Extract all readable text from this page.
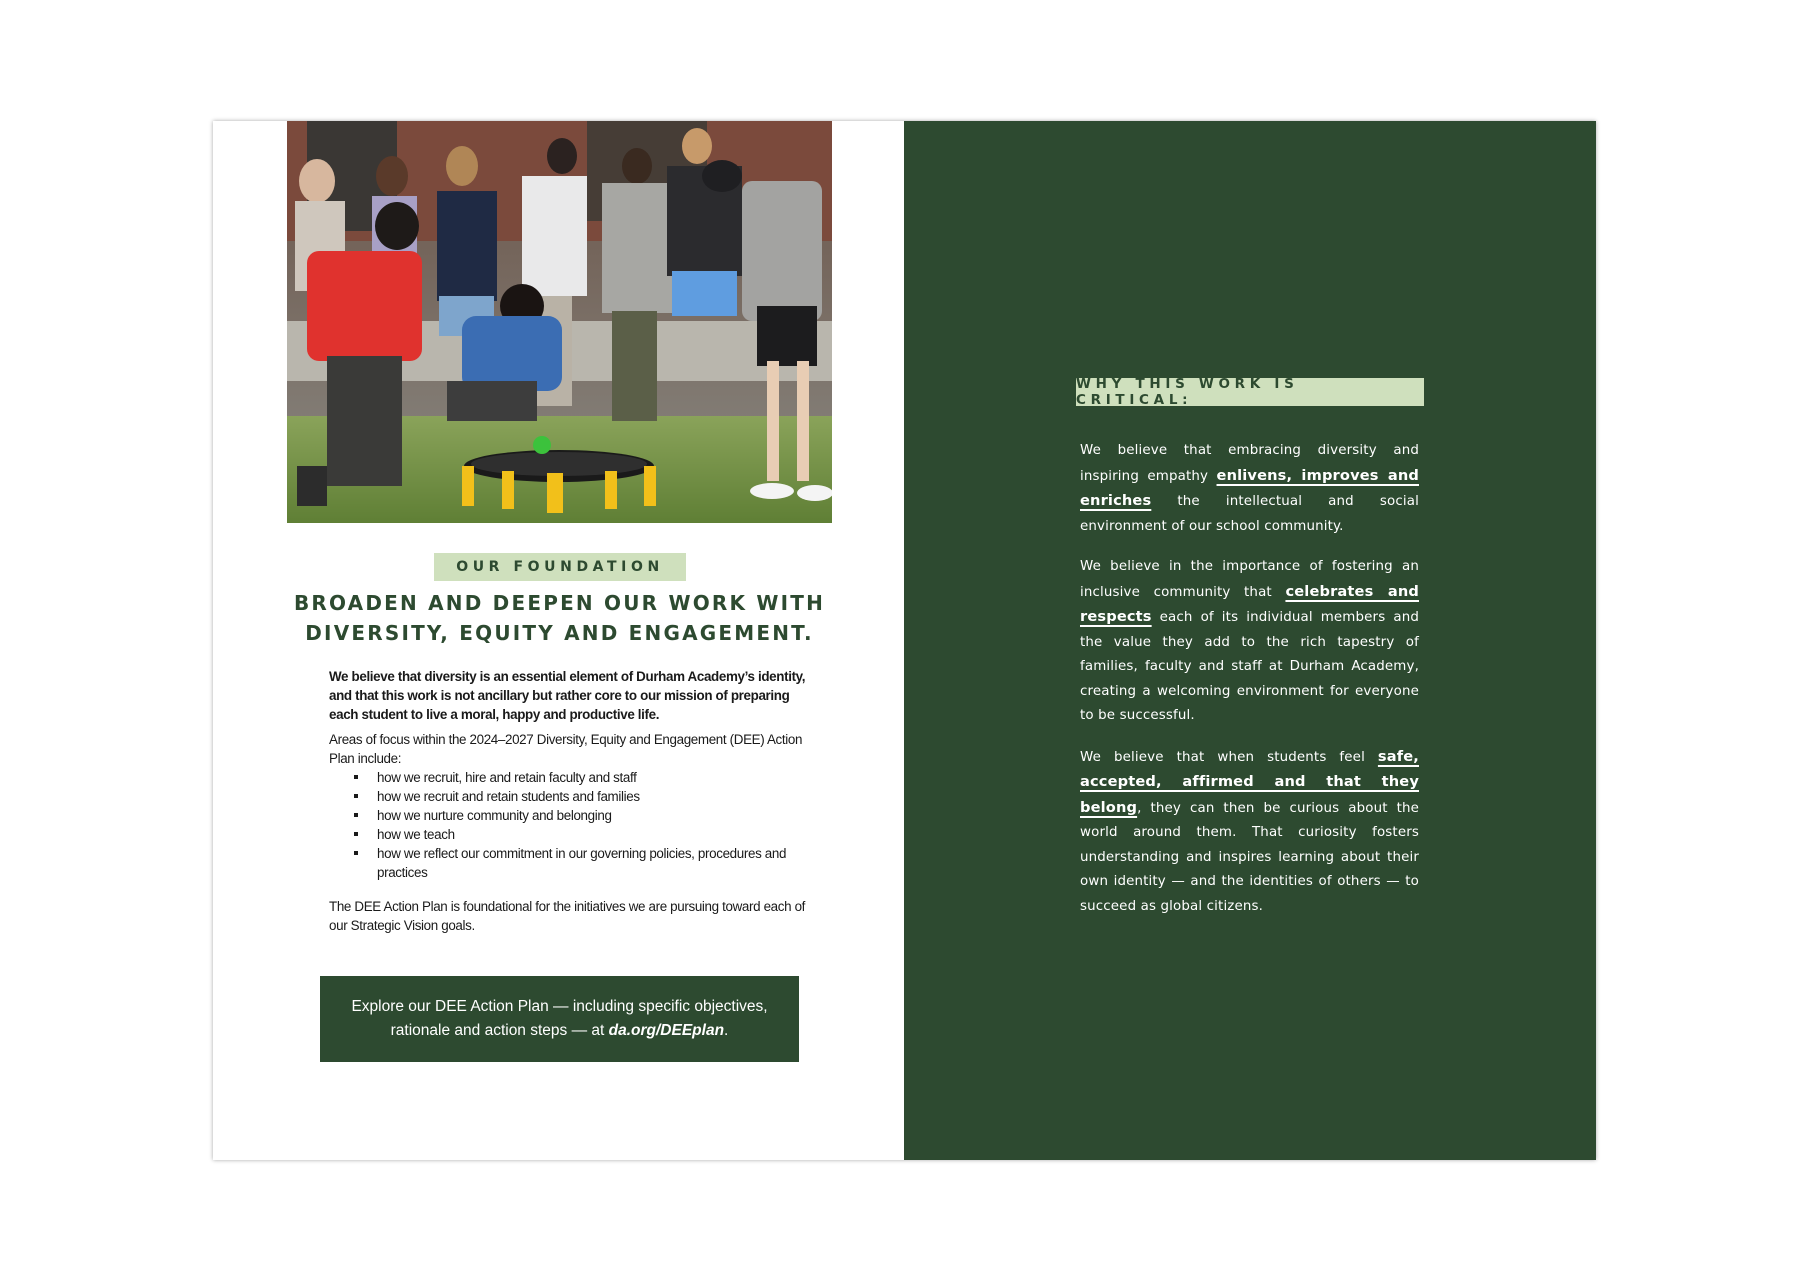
OUR FOUNDATION
BROADEN AND DEEPEN OUR WORK WITH
DIVERSITY, EQUITY AND ENGAGEMENT.

We believe that diversity is an essential element of Durham Academy’s identity, and that this work is not ancillary but rather core to our mission of preparing each student to live a moral, happy and productive life.

Areas of focus within the 2024–2027 Diversity, Equity and Engagement (DEE) Action Plan include:

how we recruit, hire and retain faculty and staff
how we recruit and retain students and families
how we nurture community and belonging
how we teach
how we reflect our commitment in our governing policies, procedures and practices

The DEE Action Plan is foundational for the initiatives we are pursuing toward each of our Strategic Vision goals.

Explore our DEE Action Plan — including specific objectives,
rationale and action steps — at da.org/DEEplan.
WHY THIS WORK IS CRITICAL:

We believe that embracing diversity and inspiring empathy enlivens, improves and enriches the intellectual and social environment of our school community.

We believe in the importance of fostering an inclusive community that celebrates and respects each of its individual members and the value they add to the rich tapestry of families, faculty and staff at Durham Academy, creating a welcoming environment for everyone to be successful.

We believe that when students feel safe, accepted, affirmed and that they belong, they can then be curious about the world around them. That curiosity fosters understanding and inspires learning about their own identity — and the identities of others — to succeed as global citizens.
